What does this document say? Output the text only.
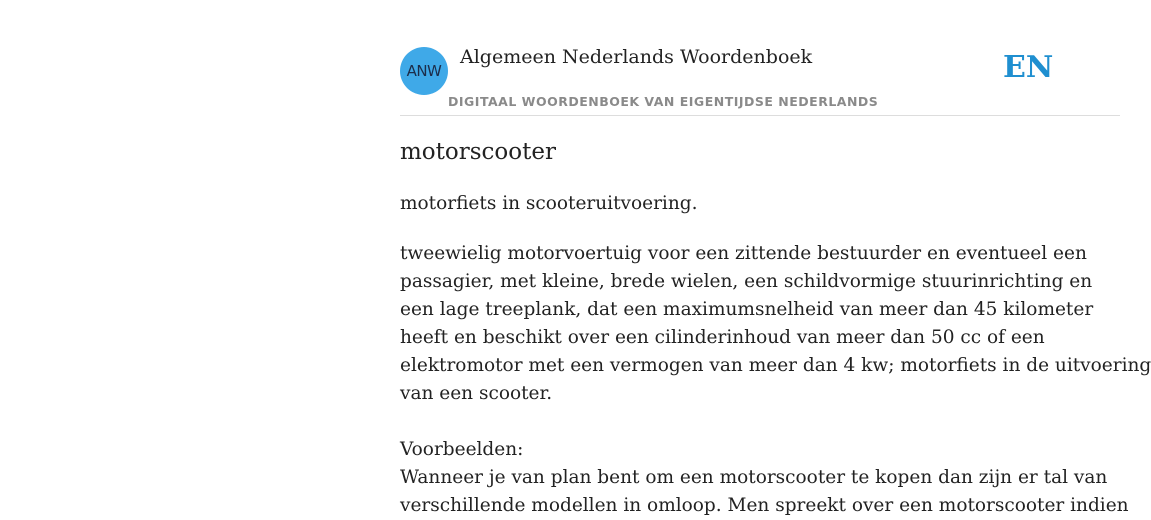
ANW
Algemeen Nederlands Woordenboek
DIGITAAL WOORDENBOEK VAN EIGENTIJDSE NEDERLANDS
EN
motorscooter
motorfiets in scooteruitvoering.
tweewielig motorvoertuig voor een zittende bestuurder en eventueel een
passagier, met kleine, brede wielen, een schildvormige stuurinrichting en
een lage treeplank, dat een maximumsnelheid van meer dan 45 kilometer
heeft en beschikt over een cilinderinhoud van meer dan 50 cc of een
elektromotor met een vermogen van meer dan 4 kw; motorfiets in de uitvoering
van een scooter.
Voorbeelden:
Wanneer je van plan bent om een motorscooter te kopen dan zijn er tal van
verschillende modellen in omloop. Men spreekt over een motorscooter indien
